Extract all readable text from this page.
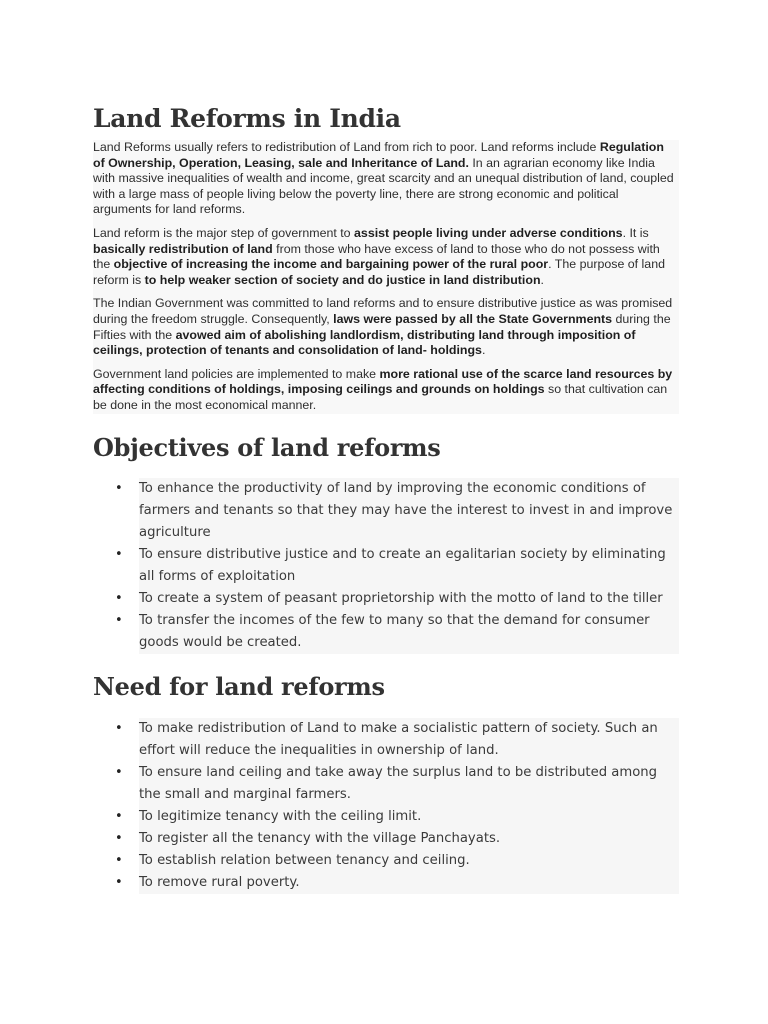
Land Reforms in India

Land Reforms usually refers to redistribution of Land from rich to poor. Land reforms include Regulation of Ownership, Operation, Leasing, sale and Inheritance of Land. In an agrarian economy like India with massive inequalities of wealth and income, great scarcity and an unequal distribution of land, coupled with a large mass of people living below the poverty line, there are strong economic and political arguments for land reforms.

Land reform is the major step of government to assist people living under adverse conditions. It is basically redistribution of land from those who have excess of land to those who do not possess with the objective of increasing the income and bargaining power of the rural poor. The purpose of land reform is to help weaker section of society and do justice in land distribution.

The Indian Government was committed to land reforms and to ensure distributive justice as was promised during the freedom struggle. Consequently, laws were passed by all the State Governments during the Fifties with the avowed aim of abolishing landlordism, distributing land through imposition of ceilings, protection of tenants and consolidation of land- holdings.

Government land policies are implemented to make more rational use of the scarce land resources by affecting conditions of holdings, imposing ceilings and grounds on holdings so that cultivation can be done in the most economical manner.

Objectives of land reforms
• To enhance the productivity of land by improving the economic conditions of farmers and tenants so that they may have the interest to invest in and improve agriculture
• To ensure distributive justice and to create an egalitarian society by eliminating all forms of exploitation
• To create a system of peasant proprietorship with the motto of land to the tiller
• To transfer the incomes of the few to many so that the demand for consumer goods would be created.
Need for land reforms
• To make redistribution of Land to make a socialistic pattern of society. Such an effort will reduce the inequalities in ownership of land.
• To ensure land ceiling and take away the surplus land to be distributed among the small and marginal farmers.
• To legitimize tenancy with the ceiling limit.
• To register all the tenancy with the village Panchayats.
• To establish relation between tenancy and ceiling.
• To remove rural poverty.
